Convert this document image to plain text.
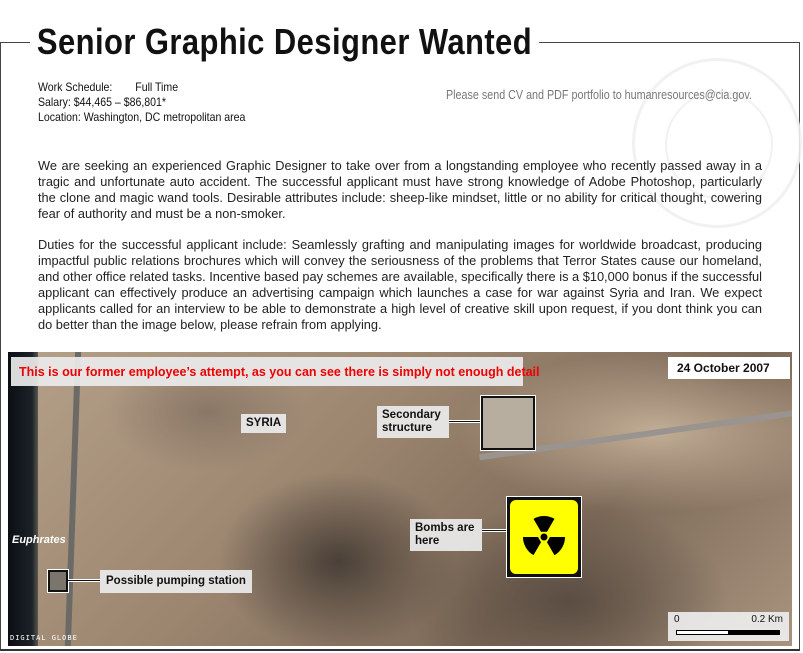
Senior Graphic Designer Wanted
Work Schedule: Full Time
Salary: $44,465 – $86,801*
Location: Washington, DC metropolitan area
Please send CV and PDF portfolio to humanresources@cia.gov.

We are seeking an experienced Graphic Designer to take over from a longstanding employee who recently passed away in a tragic and unfortunate auto accident. The successful applicant must have strong knowledge of Adobe Photoshop, particularly the clone and magic wand tools. Desirable attributes include: sheep-like mindset, little or no ability for critical thought, cowering fear of authority and must be a non-smoker.

Duties for the successful applicant include: Seamlessly grafting and manipulating images for worldwide broadcast, producing impactful public relations brochures which will convey the seriousness of the problems that Terror States cause our homeland, and other office related tasks. Incentive based pay schemes are available, specifically there is a $10,000 bonus if the successful applicant can effectively produce an advertising campaign which launches a case for war against Syria and Iran. We expect applicants called for an interview to be able to demonstrate a high level of creative skill upon request, if you dont think you can do better than the image below, please refrain from applying.

This is our former employee’s attempt, as you can see there is simply not enough detail	24 October 2007
SYRIA
Secondary structure
Bombs are here
Euphrates
Possible pumping station
DIGITAL GLOBE
0	0.2 Km
